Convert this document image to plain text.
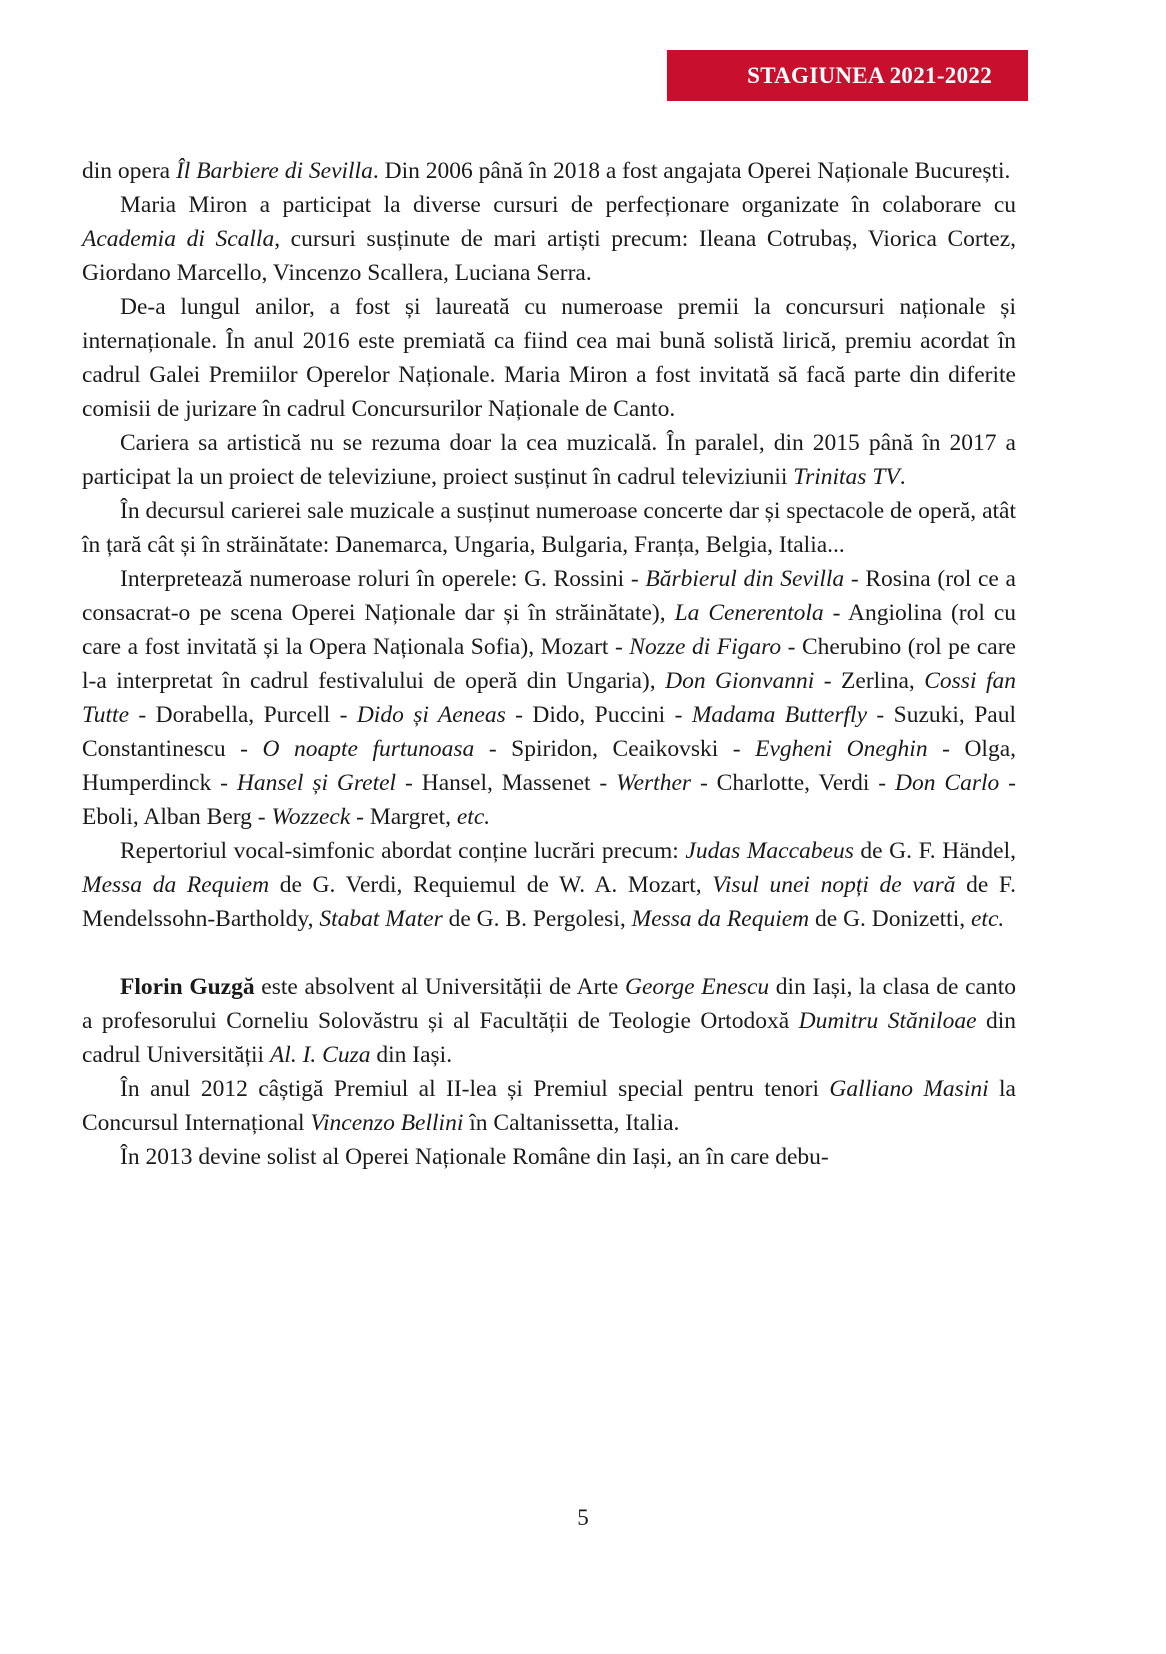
STAGIUNEA 2021-2022

din opera Îl Barbiere di Sevilla. Din 2006 până în 2018 a fost angajata Operei Naționale București.

Maria Miron a participat la diverse cursuri de perfecționare organizate în colaborare cu Academia di Scalla, cursuri susținute de mari artiști precum: Ileana Cotrubaș, Viorica Cortez, Giordano Marcello, Vincenzo Scallera, Luciana Serra.

De-a lungul anilor, a fost și laureată cu numeroase premii la concursuri naționale și internaționale. În anul 2016 este premiată ca fiind cea mai bună solistă lirică, premiu acordat în cadrul Galei Premiilor Operelor Naționale. Maria Miron a fost invitată să facă parte din diferite comisii de jurizare în cadrul Concursurilor Naționale de Canto.

Cariera sa artistică nu se rezuma doar la cea muzicală. În paralel, din 2015 până în 2017 a participat la un proiect de televiziune, proiect susținut în cadrul televiziunii Trinitas TV.

În decursul carierei sale muzicale a susținut numeroase concerte dar și spectacole de operă, atât în țară cât și în străinătate: Danemarca, Ungaria, Bulgaria, Franța, Belgia, Italia...

Interpretează numeroase roluri în operele: G. Rossini - Bărbierul din Sevilla - Rosina (rol ce a consacrat-o pe scena Operei Naționale dar și în străinătate), La Cenerentola - Angiolina (rol cu care a fost invitată și la Opera Naționala Sofia), Mozart - Nozze di Figaro - Cherubino (rol pe care l-a interpretat în cadrul festivalului de operă din Ungaria), Don Gionvanni - Zerlina, Cossi fan Tutte - Dorabella, Purcell - Dido și Aeneas - Dido, Puccini - Madama Butterfly - Suzuki, Paul Constantinescu - O noapte furtunoasa - Spiridon, Ceaikovski - Evgheni Oneghin - Olga, Humperdinck - Hansel și Gretel - Hansel, Massenet - Werther - Charlotte, Verdi - Don Carlo - Eboli, Alban Berg - Wozzeck - Margret, etc.

Repertoriul vocal-simfonic abordat conține lucrări precum: Judas Maccabeus de G. F. Händel, Messa da Requiem de G. Verdi, Requiemul de W. A. Mozart, Visul unei nopți de vară de F. Mendelssohn-Bartholdy, Stabat Mater de G. B. Pergolesi, Messa da Requiem de G. Donizetti, etc.

Florin Guzgă este absolvent al Universității de Arte George Enescu din Iași, la clasa de canto a profesorului Corneliu Solovăstru și al Facultății de Teologie Ortodoxă Dumitru Stăniloae din cadrul Universității Al. I. Cuza din Iași.

În anul 2012 câștigă Premiul al II-lea și Premiul special pentru tenori Galliano Masini la Concursul Internațional Vincenzo Bellini în Caltanissetta, Italia.

În 2013 devine solist al Operei Naționale Române din Iași, an în care debu-

5
